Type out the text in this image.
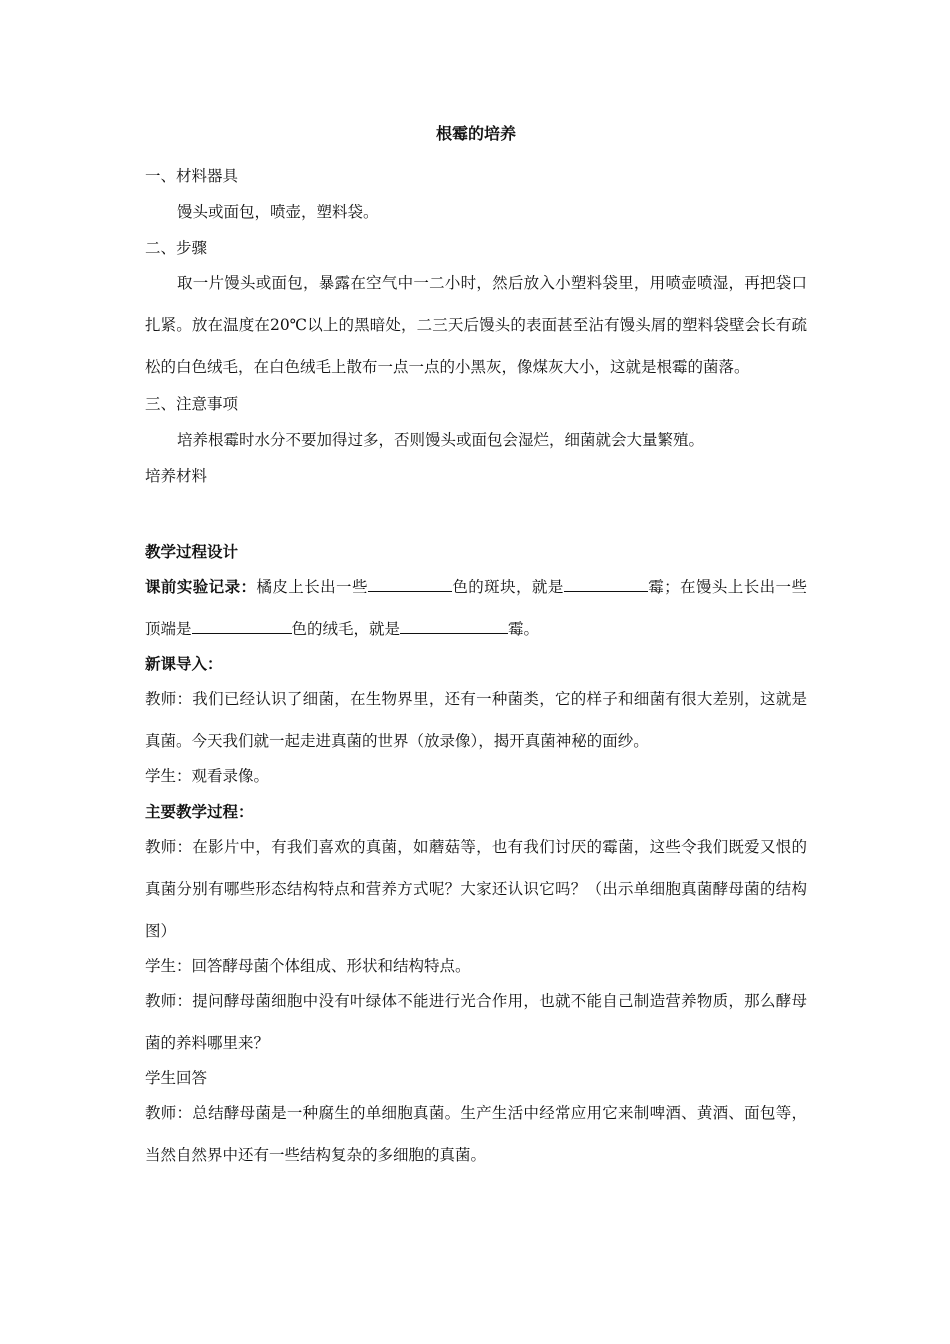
根霉的培养
一、材料器具
馒头或面包，喷壶，塑料袋。
二、步骤

取一片馒头或面包，暴露在空气中一二小时，然后放入小塑料袋里，用喷壶喷湿，再把袋口扎紧。放在温度在20℃以上的黑暗处，二三天后馒头的表面甚至沾有馒头屑的塑料袋壁会长有疏松的白色绒毛，在白色绒毛上散布一点一点的小黑灰，像煤灰大小，这就是根霉的菌落。

三、注意事项
培养根霉时水分不要加得过多，否则馒头或面包会湿烂，细菌就会大量繁殖。
培养材料
教学过程设计

课前实验记录：橘皮上长出一些	色的斑块，就是	霉；在馒头上长出一些顶端是	色的绒毛，就是	霉。

新课导入：

教师：我们已经认识了细菌，在生物界里，还有一种菌类，它的样子和细菌有很大差别，这就是真菌。今天我们就一起走进真菌的世界（放录像），揭开真菌神秘的面纱。

学生：观看录像。
主要教学过程：

教师：在影片中，有我们喜欢的真菌，如蘑菇等，也有我们讨厌的霉菌，这些令我们既爱又恨的真菌分别有哪些形态结构特点和营养方式呢？大家还认识它吗？（出示单细胞真菌酵母菌的结构图）

学生：回答酵母菌个体组成、形状和结构特点。

教师：提问酵母菌细胞中没有叶绿体不能进行光合作用，也就不能自己制造营养物质，那么酵母菌的养料哪里来？

学生回答

教师：总结酵母菌是一种腐生的单细胞真菌。生产生活中经常应用它来制啤酒、黄酒、面包等，当然自然界中还有一些结构复杂的多细胞的真菌。
